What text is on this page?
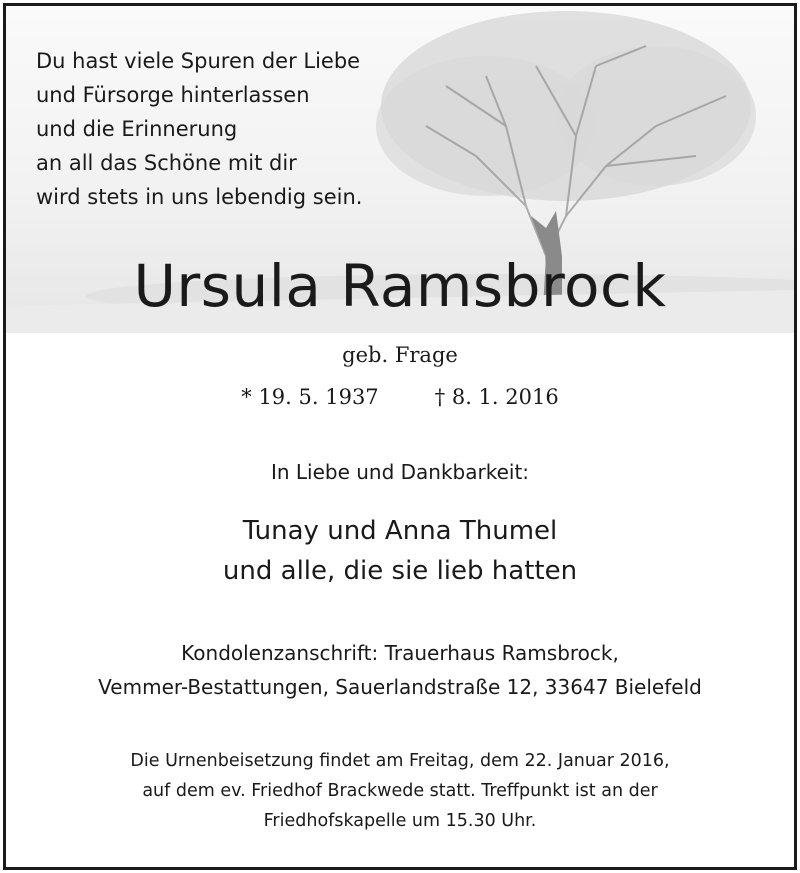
Du hast viele Spuren der Liebe
und Fürsorge hinterlassen
und die Erinnerung
an all das Schöne mit dir
wird stets in uns lebendig sein.
Ursula Ramsbrock
geb. Frage
* 19. 5. 1937	† 8. 1. 2016
In Liebe und Dankbarkeit:
Tunay und Anna Thumel
und alle, die sie lieb hatten
Kondolenzanschrift: Trauerhaus Ramsbrock,
Vemmer-Bestattungen, Sauerlandstraße 12, 33647 Bielefeld
Die Urnenbeisetzung findet am Freitag, dem 22. Januar 2016,
auf dem ev. Friedhof Brackwede statt. Treffpunkt ist an der
Friedhofskapelle um 15.30 Uhr.
